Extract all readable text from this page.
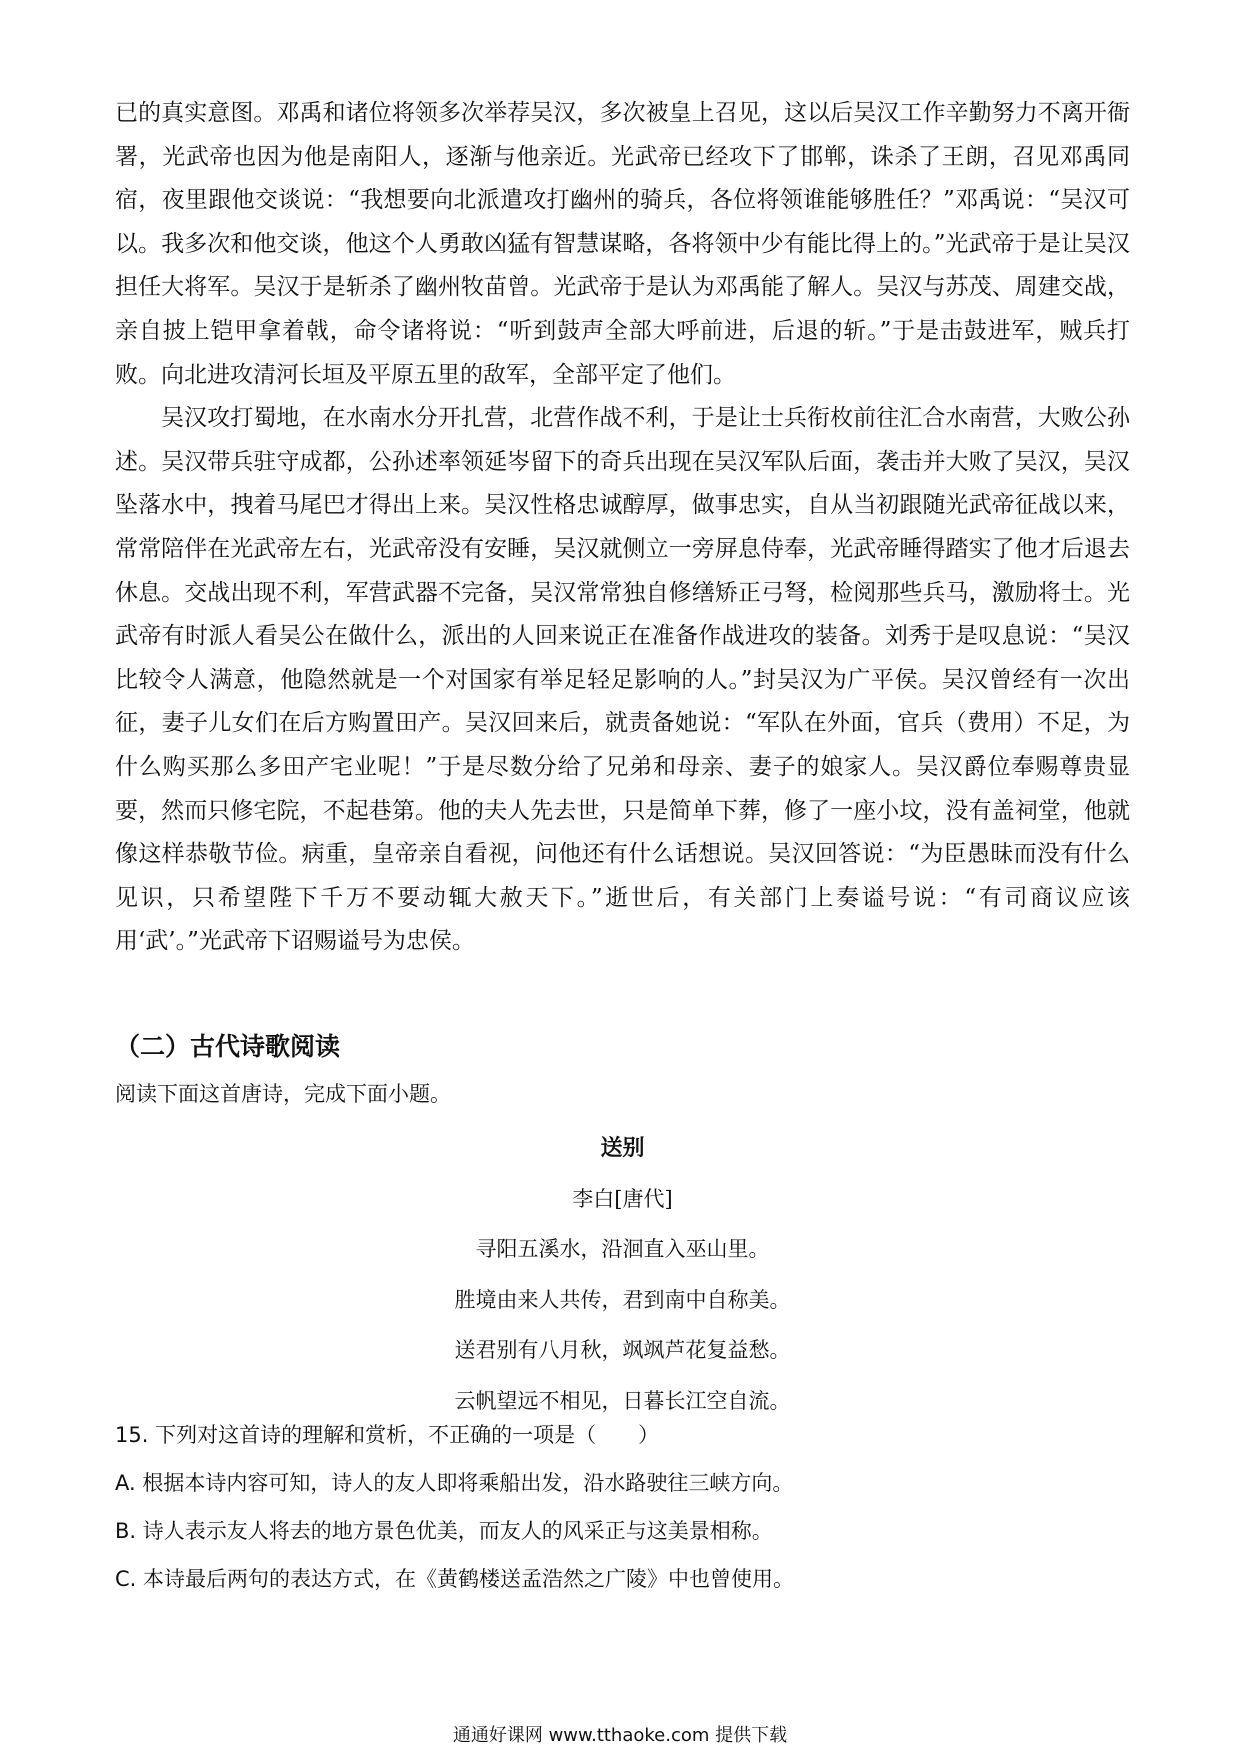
已的真实意图。邓禹和诸位将领多次举荐吴汉，多次被皇上召见，这以后吴汉工作辛勤努力不离开衙署，光武帝也因为他是南阳人，逐渐与他亲近。光武帝已经攻下了邯郸，诛杀了王朗，召见邓禹同宿，夜里跟他交谈说：“我想要向北派遣攻打幽州的骑兵，各位将领谁能够胜任？”邓禹说：“吴汉可以。我多次和他交谈，他这个人勇敢凶猛有智慧谋略，各将领中少有能比得上的。”光武帝于是让吴汉担任大将军。吴汉于是斩杀了幽州牧苗曾。光武帝于是认为邓禹能了解人。吴汉与苏茂、周建交战，亲自披上铠甲拿着戟，命令诸将说：“听到鼓声全部大呼前进，后退的斩。”于是击鼓进军，贼兵打败。向北进攻清河长垣及平原五里的敌军，全部平定了他们。

吴汉攻打蜀地，在水南水分开扎营，北营作战不利，于是让士兵衔枚前往汇合水南营，大败公孙述。吴汉带兵驻守成都，公孙述率领延岑留下的奇兵出现在吴汉军队后面，袭击并大败了吴汉，吴汉坠落水中，拽着马尾巴才得出上来。吴汉性格忠诚醇厚，做事忠实，自从当初跟随光武帝征战以来，常常陪伴在光武帝左右，光武帝没有安睡，吴汉就侧立一旁屏息侍奉，光武帝睡得踏实了他才后退去休息。交战出现不利，军营武器不完备，吴汉常常独自修缮矫正弓弩，检阅那些兵马，激励将士。光武帝有时派人看吴公在做什么，派出的人回来说正在准备作战进攻的装备。刘秀于是叹息说：“吴汉比较令人满意，他隐然就是一个对国家有举足轻足影响的人。”封吴汉为广平侯。吴汉曾经有一次出征，妻子儿女们在后方购置田产。吴汉回来后，就责备她说：“军队在外面，官兵（费用）不足，为什么购买那么多田产宅业呢！”于是尽数分给了兄弟和母亲、妻子的娘家人。吴汉爵位奉赐尊贵显要，然而只修宅院，不起巷第。他的夫人先去世，只是简单下葬，修了一座小坟，没有盖祠堂，他就像这样恭敬节俭。病重，皇帝亲自看视，问他还有什么话想说。吴汉回答说：“为臣愚昧而没有什么见识，只希望陛下千万不要动辄大赦天下。”逝世后，有关部门上奏谥号说：“有司商议应该用‘武’。”光武帝下诏赐谥号为忠侯。

（二）古代诗歌阅读
阅读下面这首唐诗，完成下面小题。
送别
李白[唐代]
寻阳五溪水，沿洄直入巫山里。
胜境由来人共传，君到南中自称美。
送君别有八月秋，飒飒芦花复益愁。
云帆望远不相见，日暮长江空自流。
15. 下列对这首诗的理解和赏析，不正确的一项是（　　）
A. 根据本诗内容可知，诗人的友人即将乘船出发，沿水路驶往三峡方向。
B. 诗人表示友人将去的地方景色优美，而友人的风采正与这美景相称。
C. 本诗最后两句的表达方式，在《黄鹤楼送孟浩然之广陵》中也曾使用。
通通好课网 www.tthaoke.com 提供下载
